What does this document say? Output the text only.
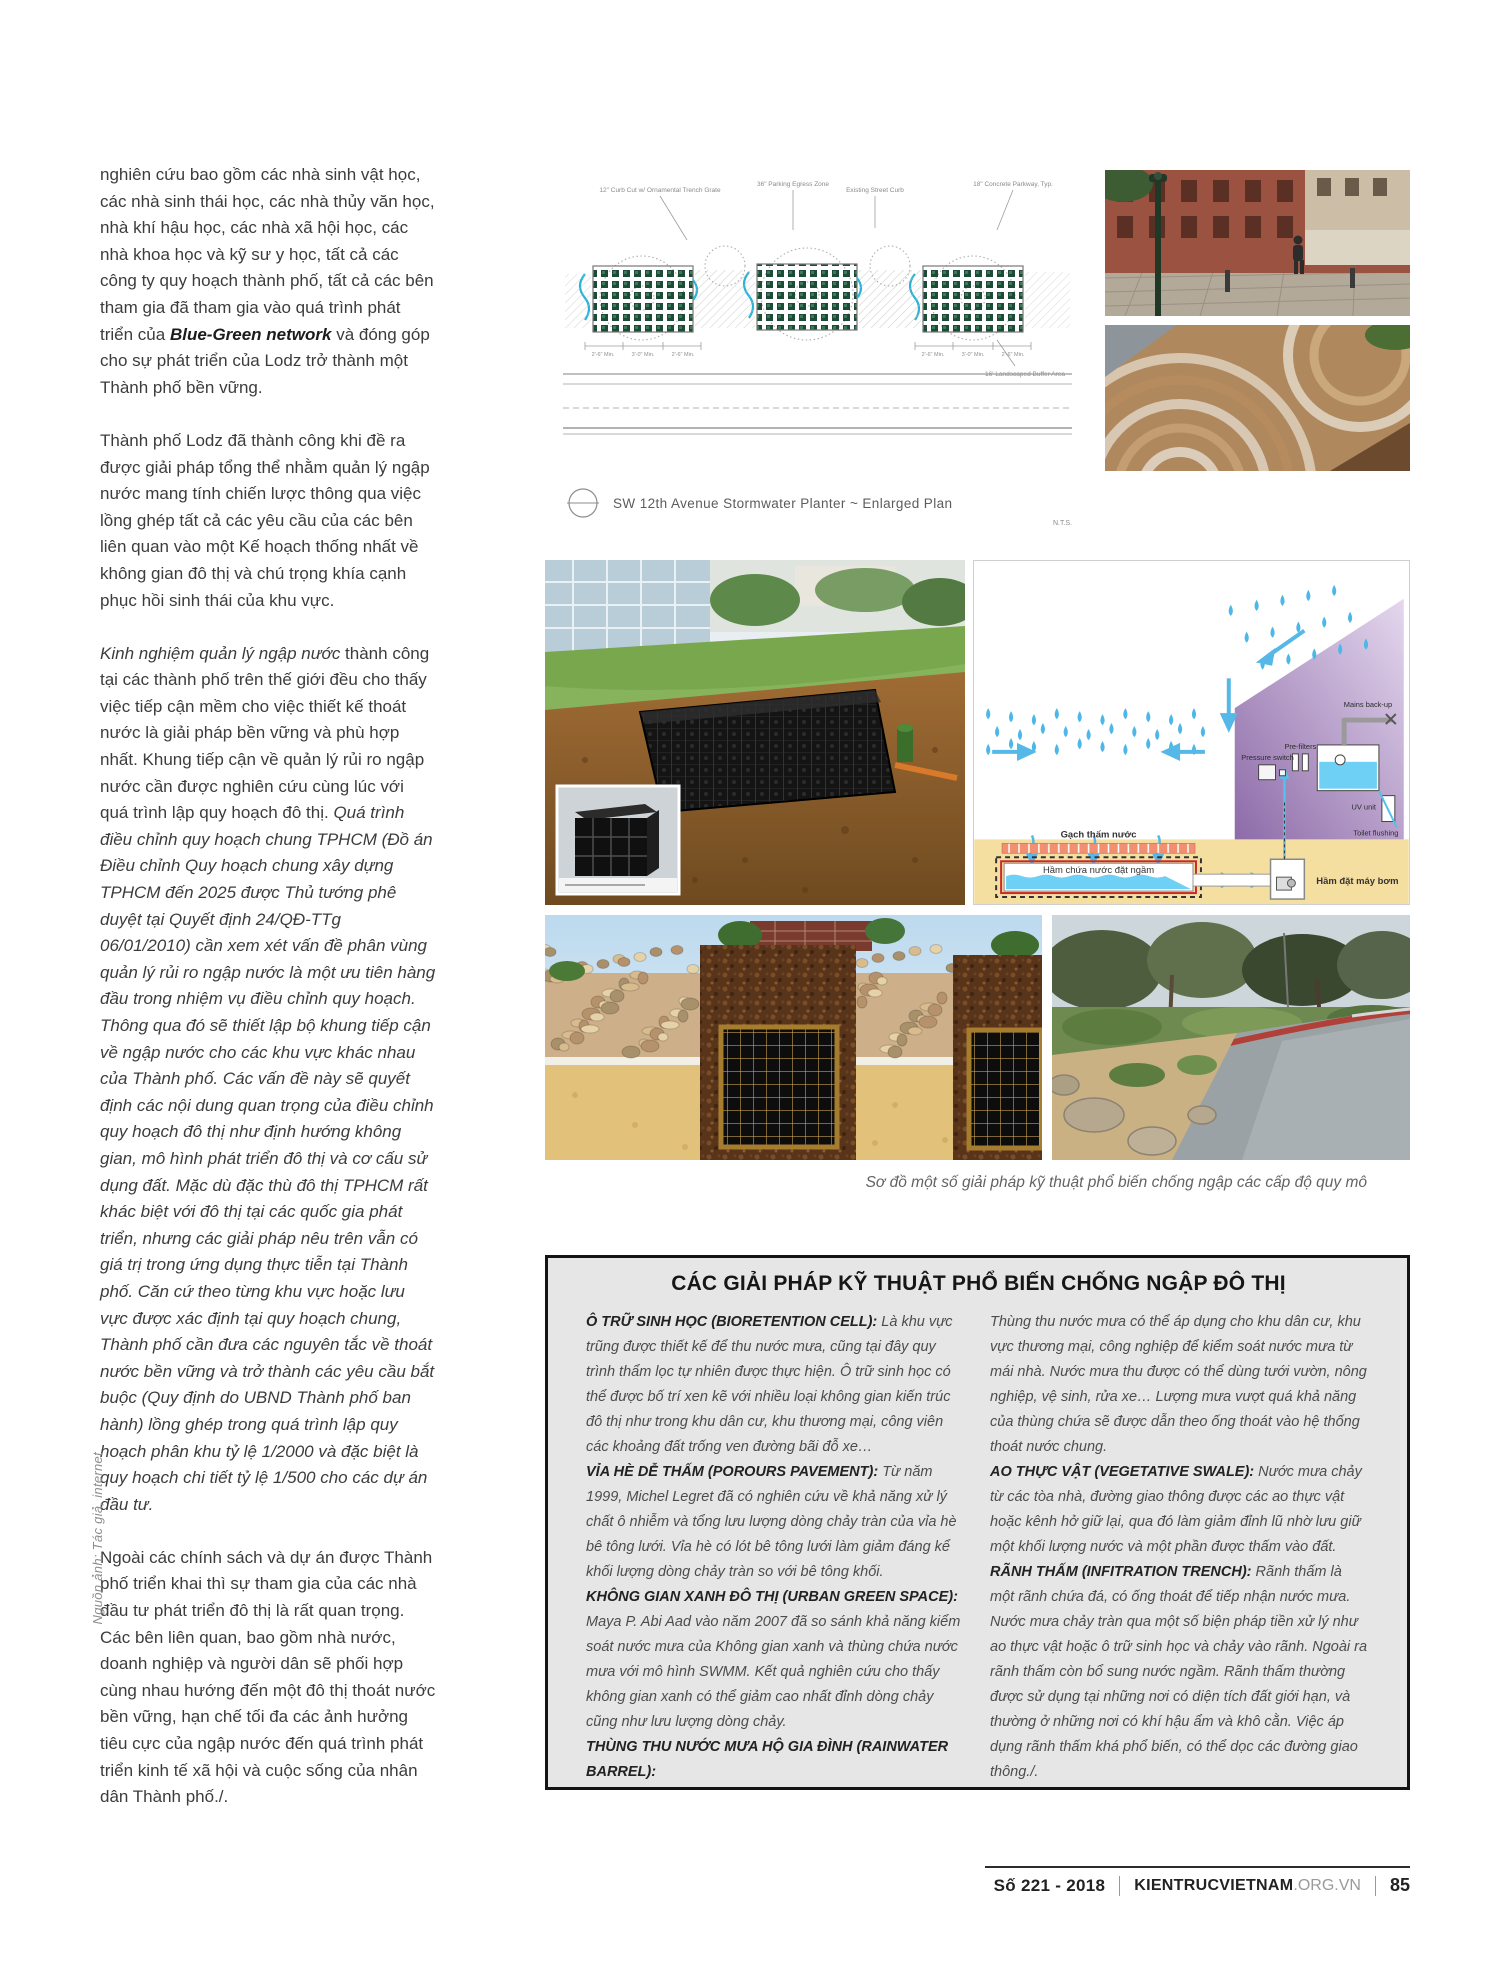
nghiên cứu bao gồm các nhà sinh vật học, các nhà sinh thái học, các nhà thủy văn học, nhà khí hậu học, các nhà xã hội học, các nhà khoa học và kỹ sư y học, tất cả các công ty quy hoạch thành phố, tất cả các bên tham gia đã tham gia vào quá trình phát triển của Blue-Green network và đóng góp cho sự phát triển của Lodz trở thành một Thành phố bền vững.

Thành phố Lodz đã thành công khi đề ra được giải pháp tổng thể nhằm quản lý ngập nước mang tính chiến lược thông qua việc lồng ghép tất cả các yêu cầu của các bên liên quan vào một Kế hoạch thống nhất về không gian đô thị và chú trọng khía cạnh phục hồi sinh thái của khu vực.

Kinh nghiệm quản lý ngập nước thành công tại các thành phố trên thế giới đều cho thấy việc tiếp cận mềm cho việc thiết kế thoát nước là giải pháp bền vững và phù hợp nhất. Khung tiếp cận về quản lý rủi ro ngập nước cần được nghiên cứu cùng lúc với quá trình lập quy hoạch đô thị. Quá trình điều chỉnh quy hoạch chung TPHCM (Đồ án Điều chỉnh Quy hoạch chung xây dựng TPHCM đến 2025 được Thủ tướng phê duyệt tại Quyết định 24/QĐ-TTg 06/01/2010) cần xem xét vấn đề phân vùng quản lý rủi ro ngập nước là một ưu tiên hàng đầu trong nhiệm vụ điều chỉnh quy hoạch. Thông qua đó sẽ thiết lập bộ khung tiếp cận về ngập nước cho các khu vực khác nhau của Thành phố. Các vấn đề này sẽ quyết định các nội dung quan trọng của điều chỉnh quy hoạch đô thị như định hướng không gian, mô hình phát triển đô thị và cơ cấu sử dụng đất. Mặc dù đặc thù đô thị TPHCM rất khác biệt với đô thị tại các quốc gia phát triển, nhưng các giải pháp nêu trên vẫn có giá trị trong ứng dụng thực tiễn tại Thành phố. Căn cứ theo từng khu vực hoặc lưu vực được xác định tại quy hoạch chung, Thành phố cần đưa các nguyên tắc về thoát nước bền vững và trở thành các yêu cầu bắt buộc (Quy định do UBND Thành phố ban hành) lồng ghép trong quá trình lập quy hoạch phân khu tỷ lệ 1/2000 và đặc biệt là quy hoạch chi tiết tỷ lệ 1/500 cho các dự án đầu tư.

Ngoài các chính sách và dự án được Thành phố triển khai thì sự tham gia của các nhà đầu tư phát triển đô thị là rất quan trọng. Các bên liên quan, bao gồm nhà nước, doanh nghiệp và người dân sẽ phối hợp cùng nhau hướng đến một đô thị thoát nước bền vững, hạn chế tối đa các ảnh hưởng tiêu cực của ngập nước đến quá trình phát triển kinh tế xã hội và cuộc sống của nhân dân Thành phố./.

Nguồn ảnh: Tác giả, internet
12" Curb Cut w/ Ornamental Trench Grate
36" Parking Egress Zone
Existing Street Curb
18" Concrete Parkway, Typ.
16' Landscaped Buffer Area
2'-6" Min.	3'-0" Min.	2'-6" Min.	2'-6" Min.	3'-0" Min.	2'-6" Min.
SW 12th Avenue Stormwater Planter ~ Enlarged Plan
N.T.S.
Gạch thấm nước
Hầm chứa nước đặt ngầm
Hầm đặt máy bơm
Pressure switch
Pre-filters
Mains back-up
UV unit
Toilet flushing
Sơ đồ một số giải pháp kỹ thuật phổ biến chống ngập các cấp độ quy mô
CÁC GIẢI PHÁP KỸ THUẬT PHỔ BIẾN CHỐNG NGẬP ĐÔ THỊ
Ô TRỮ SINH HỌC (BIORETENTION CELL): Là khu vực trũng được thiết kế để thu nước mưa, cũng tại đây quy trình thẩm lọc tự nhiên được thực hiện. Ô trữ sinh học có thể được bố trí xen kẽ với nhiều loại không gian kiến trúc đô thị như trong khu dân cư, khu thương mại, công viên các khoảng đất trống ven đường bãi đỗ xe…
VỈA HÈ DỄ THẤM (POROURS PAVEMENT): Từ năm 1999, Michel Legret đã có nghiên cứu về khả năng xử lý chất ô nhiễm và tổng lưu lượng dòng chảy tràn của vỉa hè bê tông lưới. Vỉa hè có lót bê tông lưới làm giảm đáng kể khối lượng dòng chảy tràn so với bê tông khối.
KHÔNG GIAN XANH ĐÔ THỊ (URBAN GREEN SPACE): Maya P. Abi Aad vào năm 2007 đã so sánh khả năng kiểm soát nước mưa của Không gian xanh và thùng chứa nước mưa với mô hình SWMM. Kết quả nghiên cứu cho thấy không gian xanh có thể giảm cao nhất đỉnh dòng chảy cũng như lưu lượng dòng chảy.
THÙNG THU NƯỚC MƯA HỘ GIA ĐÌNH (RAINWATER BARREL):
Thùng thu nước mưa có thể áp dụng cho khu dân cư, khu vực thương mại, công nghiệp để kiểm soát nước mưa từ mái nhà. Nước mưa thu được có thể dùng tưới vườn, nông nghiệp, vệ sinh, rửa xe… Lượng mưa vượt quá khả năng của thùng chứa sẽ được dẫn theo ống thoát vào hệ thống thoát nước chung.
AO THỰC VẬT (VEGETATIVE SWALE): Nước mưa chảy từ các tòa nhà, đường giao thông được các ao thực vật hoặc kênh hở giữ lại, qua đó làm giảm đỉnh lũ nhờ lưu giữ một khối lượng nước và một phần được thấm vào đất.
RÃNH THẤM (INFITRATION TRENCH): Rãnh thấm là một rãnh chứa đá, có ống thoát để tiếp nhận nước mưa. Nước mưa chảy tràn qua một số biện pháp tiền xử lý như ao thực vật hoặc ô trữ sinh học và chảy vào rãnh. Ngoài ra rãnh thấm còn bổ sung nước ngầm. Rãnh thấm thường được sử dụng tại những nơi có diện tích đất giới hạn, và thường ở những nơi có khí hậu ẩm và khô cằn. Việc áp dụng rãnh thấm khá phổ biến, có thể dọc các đường giao thông./.
Số 221 - 2018 KIENTRUCVIETNAM.ORG.VN 85
